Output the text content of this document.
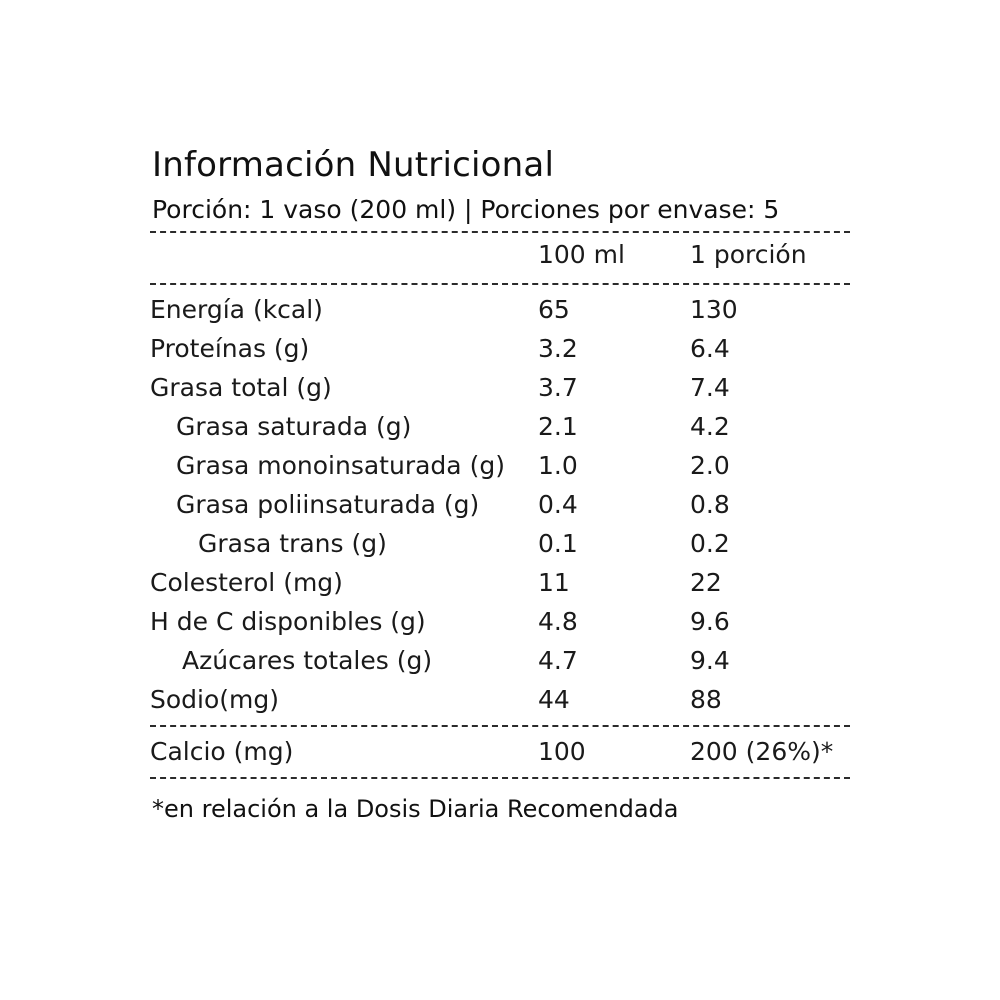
Información Nutricional
Porción: 1 vaso (200 ml) | Porciones por envase: 5
	100 ml	1 porción

Energía (kcal)	65	130
Proteínas (g)	3.2	6.4
Grasa total (g)	3.7	7.4
Grasa saturada (g)	2.1	4.2
Grasa monoinsaturada (g)	1.0	2.0
Grasa poliinsaturada (g)	0.4	0.8
Grasa trans (g)	0.1	0.2
Colesterol (mg)	11	22
H de C disponibles (g)	4.8	9.6
Azúcares totales (g)	4.7	9.4
Sodio(mg)	44	88

Calcio (mg)	100	200 (26%)*

*en relación a la Dosis Diaria Recomendada
